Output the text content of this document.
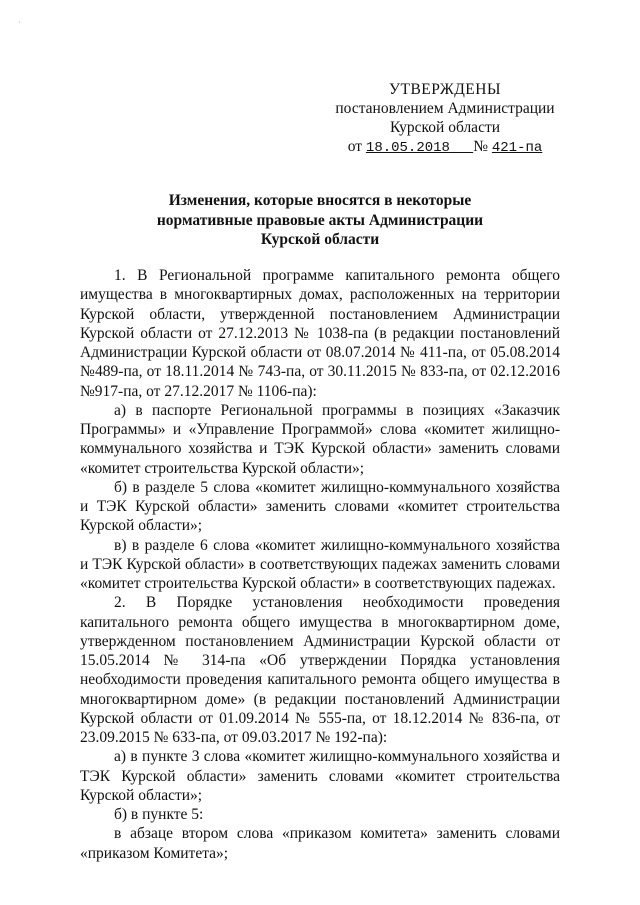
·
УТВЕРЖДЕНЫ
постановлением Администрации
Курской области
от 18.05.2018 № 421-па
Изменения, которые вносятся в некоторые
нормативные правовые акты Администрации
Курской области

1. В Региональной программе капитального ремонта общего имущества в многоквартирных домах, расположенных на территории Курской области, утвержденной постановлением Администрации Курской области от 27.12.2013 № 1038-па (в редакции постановлений Администрации Курской области от 08.07.2014 № 411-па, от 05.08.2014 №489-па, от 18.11.2014 № 743-па, от 30.11.2015 № 833-па, от 02.12.2016 №917-па, от 27.12.2017 № 1106-па):

а) в паспорте Региональной программы в позициях «Заказчик Программы» и «Управление Программой» слова «комитет жилищно-коммунального хозяйства и ТЭК Курской области» заменить словами «комитет строительства Курской области»;

б) в разделе 5 слова «комитет жилищно-коммунального хозяйства и ТЭК Курской области» заменить словами «комитет строительства Курской области»;

в) в разделе 6 слова «комитет жилищно-коммунального хозяйства и ТЭК Курской области» в соответствующих падежах заменить словами «комитет строительства Курской области» в соответствующих падежах.

2. В Порядке установления необходимости проведения капитального ремонта общего имущества в многоквартирном доме, утвержденном постановлением Администрации Курской области от 15.05.2014 № 314-па «Об утверждении Порядка установления необходимости проведения капитального ремонта общего имущества в многоквартирном доме» (в редакции постановлений Администрации Курской области от 01.09.2014 № 555-па, от 18.12.2014 № 836-па, от 23.09.2015 № 633-па, от 09.03.2017 № 192-па):

а) в пункте 3 слова «комитет жилищно-коммунального хозяйства и ТЭК Курской области» заменить словами «комитет строительства Курской области»;

б) в пункте 5:

в абзаце втором слова «приказом комитета» заменить словами «приказом Комитета»;
